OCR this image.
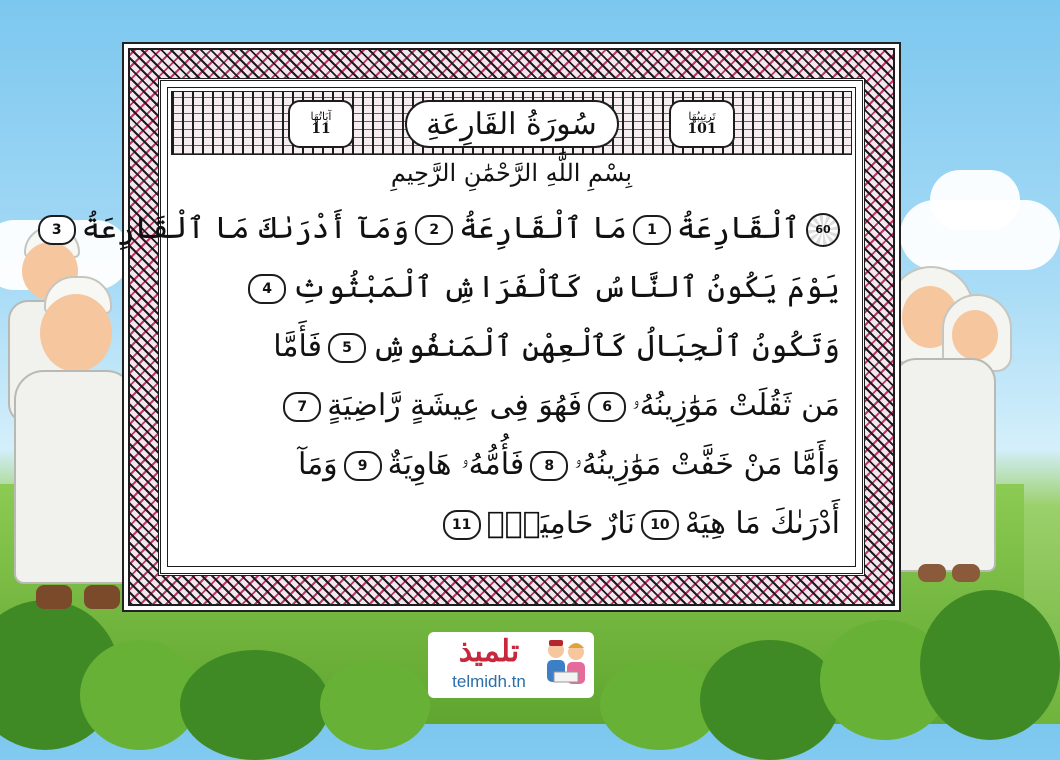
آيَاتُهَا
11	سُورَةُ القَارِعَةِ	تَرتِيبُهَا
101
بِسْمِ اللَّهِ الرَّحْمَٰنِ الرَّحِيمِ
60ٱلْقَارِعَةُ1مَا ٱلْقَارِعَةُ2وَمَآ أَدْرَىٰكَ مَا ٱلْقَارِعَةُ3
يَوْمَ يَكُونُ ٱلنَّاسُ كَٱلْفَرَاشِ ٱلْمَبْثُوثِ4
وَتَكُونُ ٱلْجِبَالُ كَٱلْعِهْنِ ٱلْمَنفُوشِ5فَأَمَّا
مَن ثَقُلَتْ مَوَٰزِينُهُۥ6فَهُوَ فِى عِيشَةٍ رَّاضِيَةٍ7
وَأَمَّا مَنْ خَفَّتْ مَوَٰزِينُهُۥ8فَأُمُّهُۥ هَاوِيَةٌ9وَمَآ
أَدْرَىٰكَ مَا هِيَهْ10نَارٌ حَامِيَةٌۢ11
تلميذ
telmidh.tn
